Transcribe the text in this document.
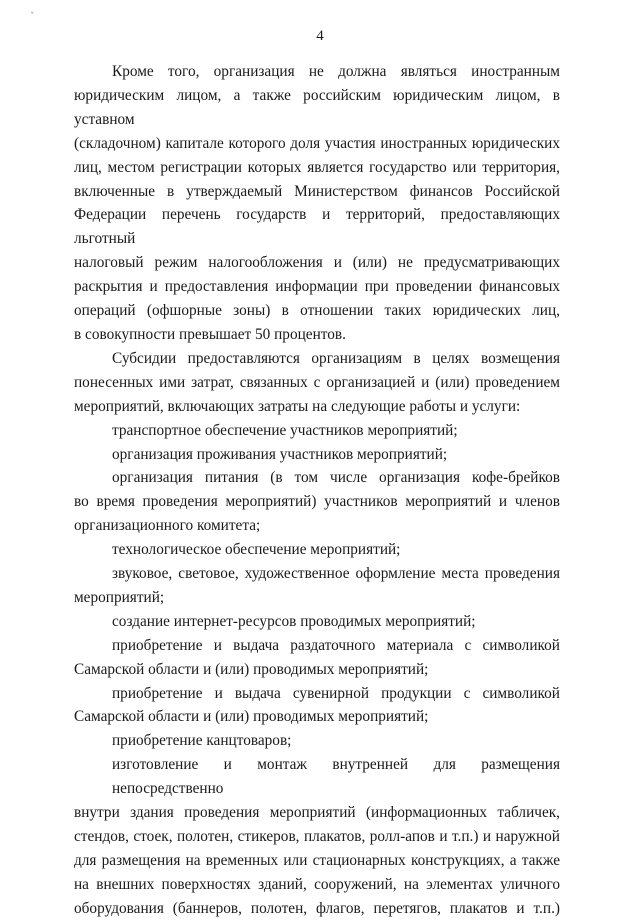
4
Кроме того, организация не должна являться иностранным
юридическим лицом, а также российским юридическим лицом, в уставном
(складочном) капитале которого доля участия иностранных юридических
лиц, местом регистрации которых является государство или территория,
включенные в утверждаемый Министерством финансов Российской
Федерации перечень государств и территорий, предоставляющих льготный
налоговый режим налогообложения и (или) не предусматривающих
раскрытия и предоставления информации при проведении финансовых
операций (офшорные зоны) в отношении таких юридических лиц,
в совокупности превышает 50 процентов.
Субсидии предоставляются организациям в целях возмещения
понесенных ими затрат, связанных с организацией и (или) проведением
мероприятий, включающих затраты на следующие работы и услуги:
транспортное обеспечение участников мероприятий;
организация проживания участников мероприятий;
организация питания (в том числе организация кофе-брейков
во время проведения мероприятий) участников мероприятий и членов
организационного комитета;
технологическое обеспечение мероприятий;
звуковое, световое, художественное оформление места проведения
мероприятий;
создание интернет-ресурсов проводимых мероприятий;
приобретение и выдача раздаточного материала с символикой
Самарской области и (или) проводимых мероприятий;
приобретение и выдача сувенирной продукции с символикой
Самарской области и (или) проводимых мероприятий;
приобретение канцтоваров;
изготовление и монтаж внутренней для размещения непосредственно
внутри здания проведения мероприятий (информационных табличек,
стендов, стоек, полотен, стикеров, плакатов, ролл-апов и т.п.) и наружной
для размещения на временных или стационарных конструкциях, а также
на внешних поверхностях зданий, сооружений, на элементах уличного
оборудования (баннеров, полотен, флагов, перетягов, плакатов и т.п.)
ˇ
